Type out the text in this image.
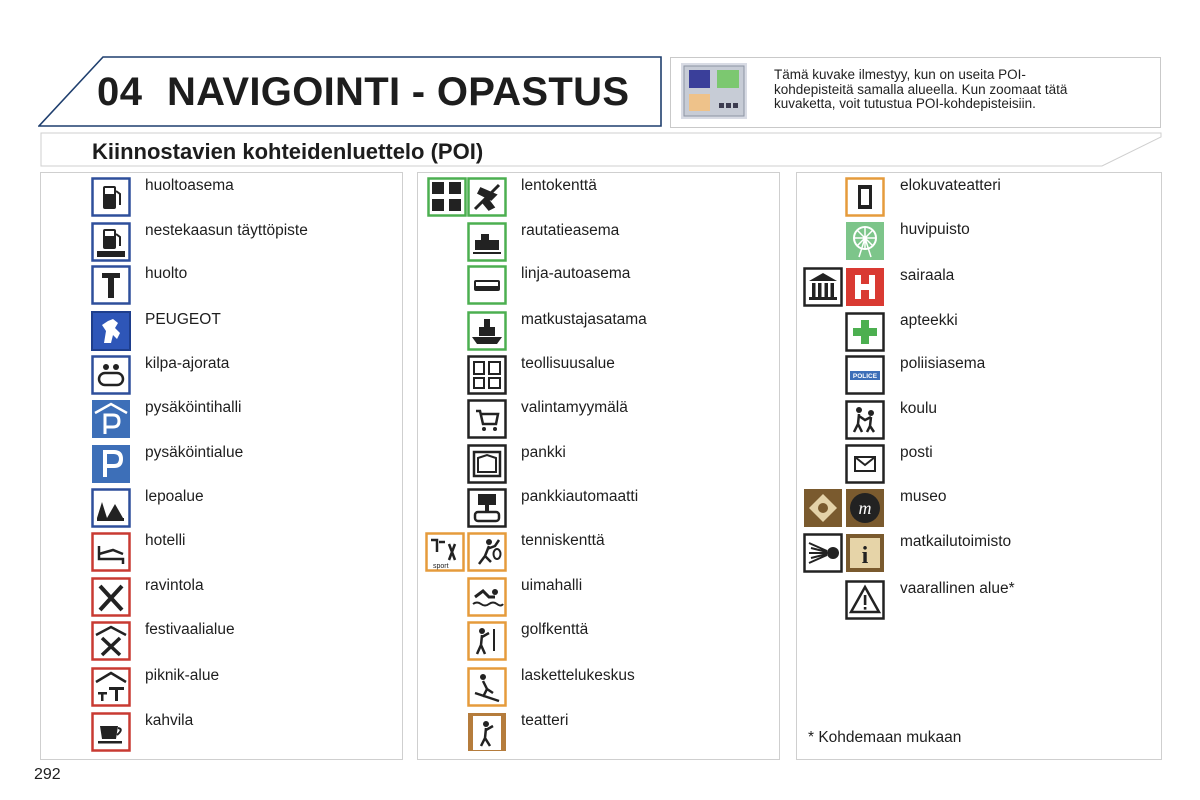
04 NAVIGOINTI - OPASTUS	Tämä kuvake ilmestyy, kun on useita POI-
kohdepisteitä samalla alueella. Kun zoomaat tätä
kuvaketta, voit tutustua POI-kohdepisteisiin.
Kiinnostavien kohteidenluettelo (POI)
huoltoasema
nestekaasun täyttöpiste
huolto
PEUGEOT
kilpa-ajorata
pysäköintihalli
pysäköintialue
lepoalue
hotelli
ravintola
festivaalialue
piknik-alue
kahvila
lentokenttä
rautatieasema
linja-autoasema
matkustajasatama
teollisuusalue
valintamyymälä
pankki
pankkiautomaatti
sport
tenniskenttä
uimahalli
golfkenttä
laskettelukeskus
teatteri
elokuvateatteri
huvipuisto
sairaala
apteekki
POLICE
poliisiasema
koulu
posti
m
museo
i
matkailutoimisto
vaarallinen alue*
* Kohdemaan mukaan
292
